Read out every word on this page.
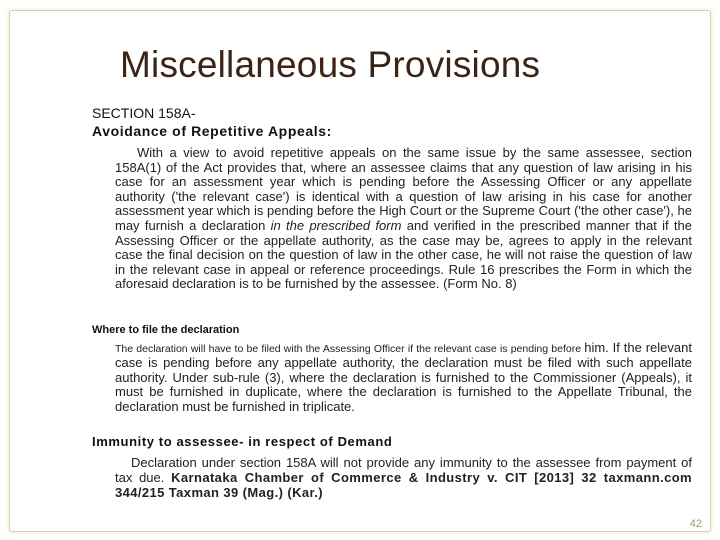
Miscellaneous Provisions
SECTION 158A-
Avoidance of Repetitive Appeals:

With a view to avoid repetitive appeals on the same issue by the same assessee, section 158A(1) of the Act provides that, where an assessee claims that any question of law arising in his case for an assessment year which is pending before the Assessing Officer or any appellate authority ('the relevant case') is identical with a question of law arising in his case for another assessment year which is pending before the High Court or the Supreme Court ('the other case'), he may furnish a declaration in the prescribed form and verified in the prescribed manner that if the Assessing Officer or the appellate authority, as the case may be, agrees to apply in the relevant case the final decision on the question of law in the other case, he will not raise the question of law in the relevant case in appeal or reference proceedings. Rule 16 prescribes the Form in which the aforesaid declaration is to be furnished by the assessee. (Form No. 8)

Where to file the declaration

The declaration will have to be filed with the Assessing Officer if the relevant case is pending before him. If the relevant case is pending before any appellate authority, the declaration must be filed with such appellate authority. Under sub-rule (3), where the declaration is furnished to the Commissioner (Appeals), it must be furnished in duplicate, where the declaration is furnished to the Appellate Tribunal, the declaration must be furnished in triplicate.

Immunity to assessee- in respect of Demand

Declaration under section 158A will not provide any immunity to the assessee from payment of tax due. Karnataka Chamber of Commerce & Industry v. CIT [2013] 32 taxmann.com 344/215 Taxman 39 (Mag.) (Kar.)

42
